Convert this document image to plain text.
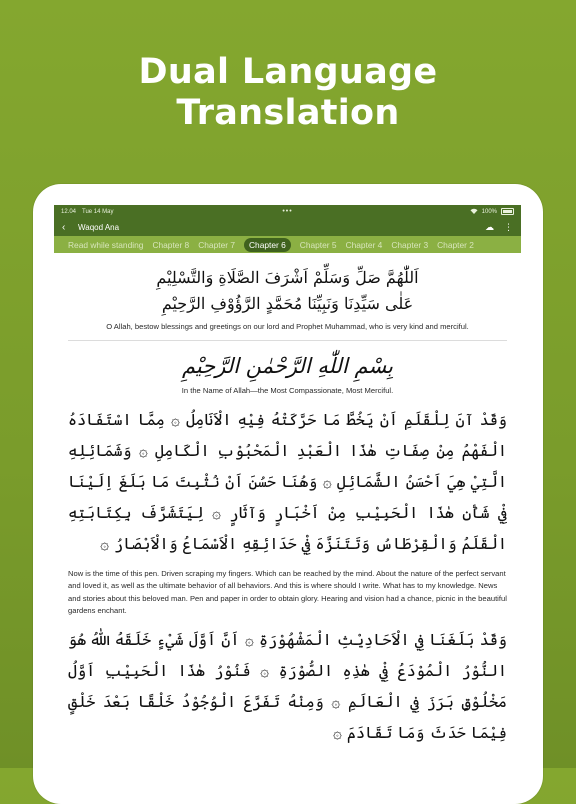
Dual Language
Translation
12.04 Tue 14 May	•••	100%
‹	Waqod Ana	☁ ⋮
Read while standing Chapter 8 Chapter 7	Chapter 6	Chapter 5 Chapter 4 Chapter 3 Chapter 2
اَللّٰهُمَّ صَلِّ وَسَلِّمْ اَشْرَفَ الصَّلَاةِ وَالتَّسْلِيْمِ
عَلٰى سَيِّدِنَا وَنَبِيِّنَا مُحَمَّدٍ الرَّؤُوْفِ الرَّحِيْمِ
O Allah, bestow blessings and greetings on our lord and Prophet Muhammad, who is very kind and merciful.
بِسْمِ اللّٰهِ الرَّحْمٰنِ الرَّحِيْمِ
In the Name of Allah—the Most Compassionate, Most Merciful.
وَقَدْ آنَ لِلْقَلَمِ اَنْ يَخُطَّ مَا حَرَّكَتْهُ فِيْهِ الْاَنَامِلُ ۞ مِمَّا اسْتَفَادَهُ الْفَهْمُ مِنْ صِفَاتِ هٰذَا الْعَبْدِ الْمَحْبُوْبِ الْكَامِلِ ۞ وَشَمَائِلِهِ الَّتِيْ هِيَ اَحْسَنُ الشَّمَائِلِ ۞ وَهُنَا حَسُنَ اَنْ نُثْبِتَ مَا بَلَغَ اِلَيْنَا فِيْ شَأْنِ هٰذَا الْحَبِيْبِ مِنْ اَخْبَارٍ وَآثَارٍ ۞ لِيَتَشَرَّفَ بِكِتَابَتِهِ الْقَلَمُ وَالْقِرْطَاسُ وَتَتَنَزَّهَ فِيْ حَدَائِقِهِ الْاَسْمَاعُ وَالْاَبْصَارُ ۞
Now is the time of this pen. Driven scraping my fingers. Which can be reached by the mind. About the nature of the perfect servant and loved it, as well as the ultimate behavior of all behaviors. And this is where should I write. What has to my knowledge. News and stories about this beloved man. Pen and paper in order to obtain glory. Hearing and vision had a chance, picnic in the beautiful gardens enchant.
وَقَدْ بَلَغَنَا فِي الْاَحَادِيْثِ الْمَشْهُوْرَةِ ۞ اَنَّ اَوَّلَ شَيْءٍ خَلَقَهُ اللّٰهُ هُوَ النُّوْرُ الْمُوْدَعُ فِيْ هٰذِهِ الصُّوْرَةِ ۞ فَنُوْرُ هٰذَا الْحَبِيْبِ اَوَّلُ مَخْلُوْقٍ بَرَزَ فِي الْعَالَمِ ۞ وَمِنْهُ تَفَرَّعَ الْوُجُوْدُ خَلْقًا بَعْدَ خَلْقٍ فِيْمَا حَدَثَ وَمَا تَقَادَمَ ۞
